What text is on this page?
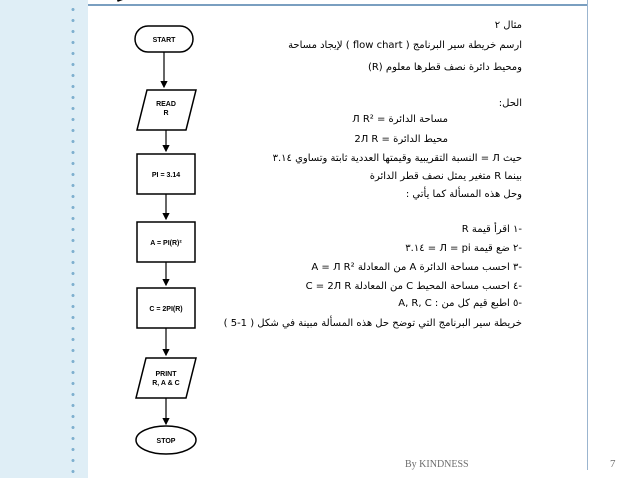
START
READ
R
PI = 3.14
A = PI(R)²
C = 2PI(R)
PRINT
R, A & C
STOP
مثال ٢
ارسم خريطة سير البرنامج ( flow chart ) لإيجاد مساحة
ومحيط دائرة نصف قطرها معلوم (R)
الحل:
مساحة الدائرة = Л R²
محيط الدائرة = 2Л R
حيث Л = النسبة التقريبية وقيمتها العددية ثابتة وتساوي ٣.١٤
بينما R متغير يمثل نصف قطر الدائرة
وحل هذه المسألة كما يأتي :
-١ اقرأ قيمة R
-٢ ضع قيمة Л = pi = ٣.١٤
-٣ احسب مساحة الدائرة A من المعادلة A = Л R²
-٤ احسب مساحة المحيط C من المعادلة C = 2Л R
-٥ اطبع قيم كل من : A, R, C
خريطة سير البرنامج التي توضح حل هذه المسألة مبينة في شكل ( 1-5 )
By KINDNESS	7
